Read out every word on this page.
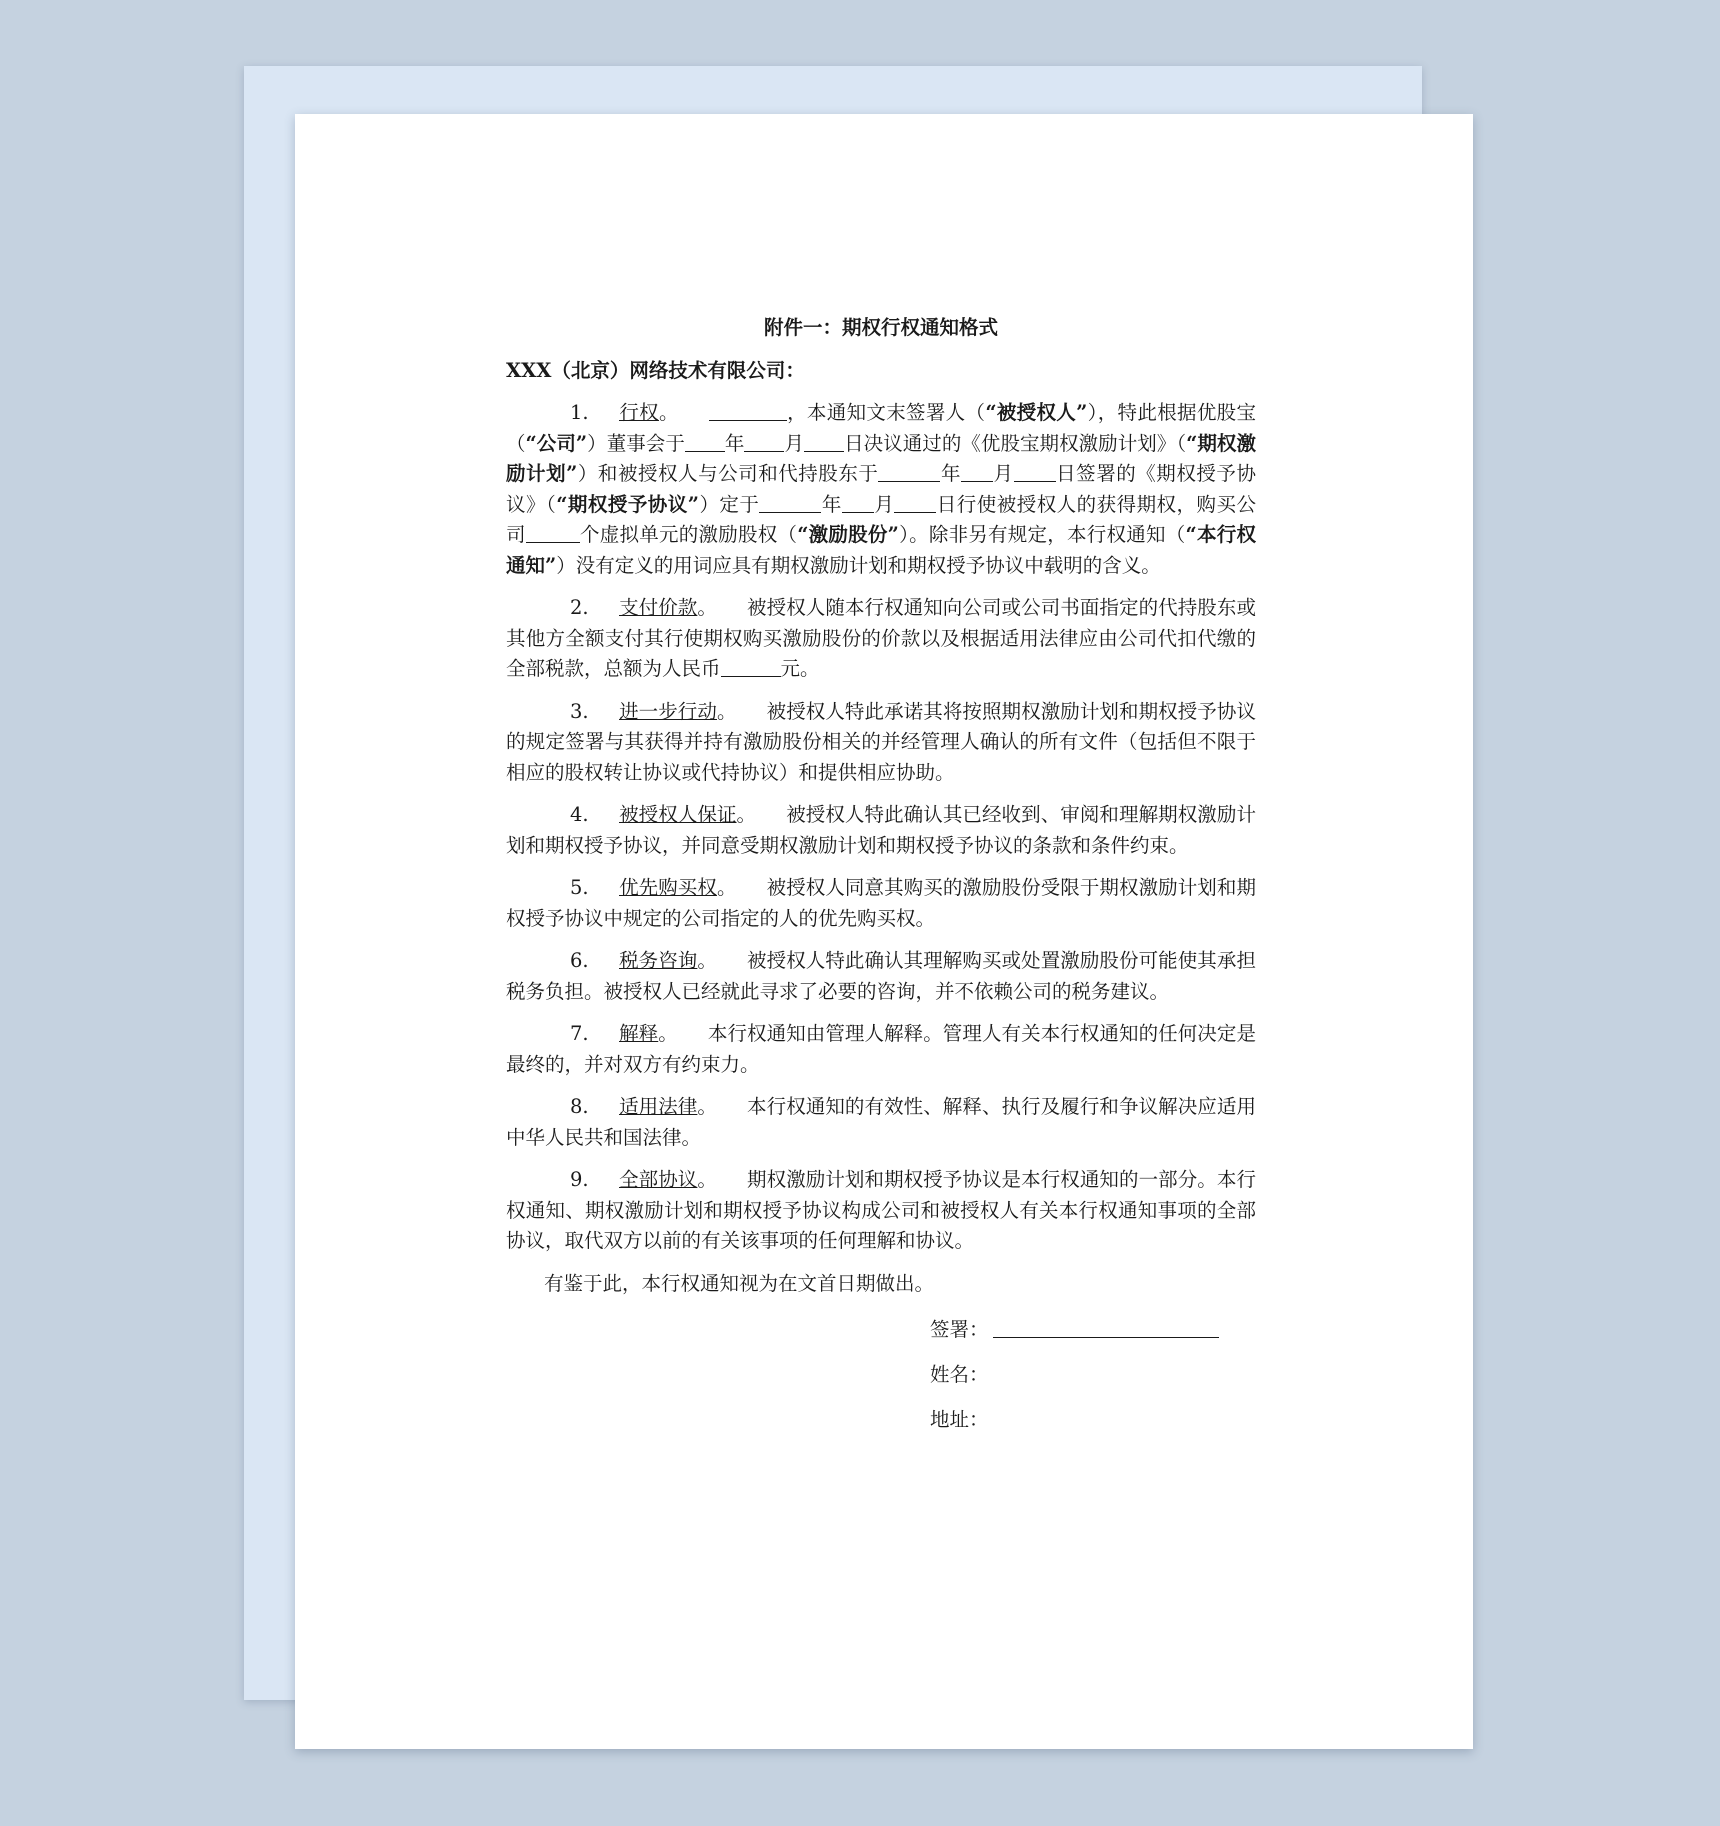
附件一：期权行权通知格式
XXX（北京）网络技术有限公司：
1. 行权。	，本通知文末签署人（“被授权人”），特此根据优股宝（“公司”）董事会于 年 月 日决议通过的《优股宝期权激励计划》（“期权激励计划”）和被授权人与公司和代持股东于	年 月 日签署的《期权授予协议》（“期权授予协议”）定于	年 月 日行使被授权人的获得期权，购买公司	个虚拟单元的激励股权（“激励股份”）。除非另有规定，本行权通知（“本行权通知”）没有定义的用词应具有期权激励计划和期权授予协议中载明的含义。
2. 支付价款。 被授权人随本行权通知向公司或公司书面指定的代持股东或其他方全额支付其行使期权购买激励股份的价款以及根据适用法律应由公司代扣代缴的全部税款，总额为人民币	元。
3. 进一步行动。 被授权人特此承诺其将按照期权激励计划和期权授予协议的规定签署与其获得并持有激励股份相关的并经管理人确认的所有文件（包括但不限于相应的股权转让协议或代持协议）和提供相应协助。
4. 被授权人保证。 被授权人特此确认其已经收到、审阅和理解期权激励计划和期权授予协议，并同意受期权激励计划和期权授予协议的条款和条件约束。
5. 优先购买权。 被授权人同意其购买的激励股份受限于期权激励计划和期权授予协议中规定的公司指定的人的优先购买权。
6. 税务咨询。 被授权人特此确认其理解购买或处置激励股份可能使其承担税务负担。被授权人已经就此寻求了必要的咨询，并不依赖公司的税务建议。
7. 解释。 本行权通知由管理人解释。管理人有关本行权通知的任何决定是最终的，并对双方有约束力。
8. 适用法律。 本行权通知的有效性、解释、执行及履行和争议解决应适用中华人民共和国法律。
9. 全部协议。 期权激励计划和期权授予协议是本行权通知的一部分。本行权通知、期权激励计划和期权授予协议构成公司和被授权人有关本行权通知事项的全部协议，取代双方以前的有关该事项的任何理解和协议。
有鉴于此，本行权通知视为在文首日期做出。
签署：
姓名：
地址：
